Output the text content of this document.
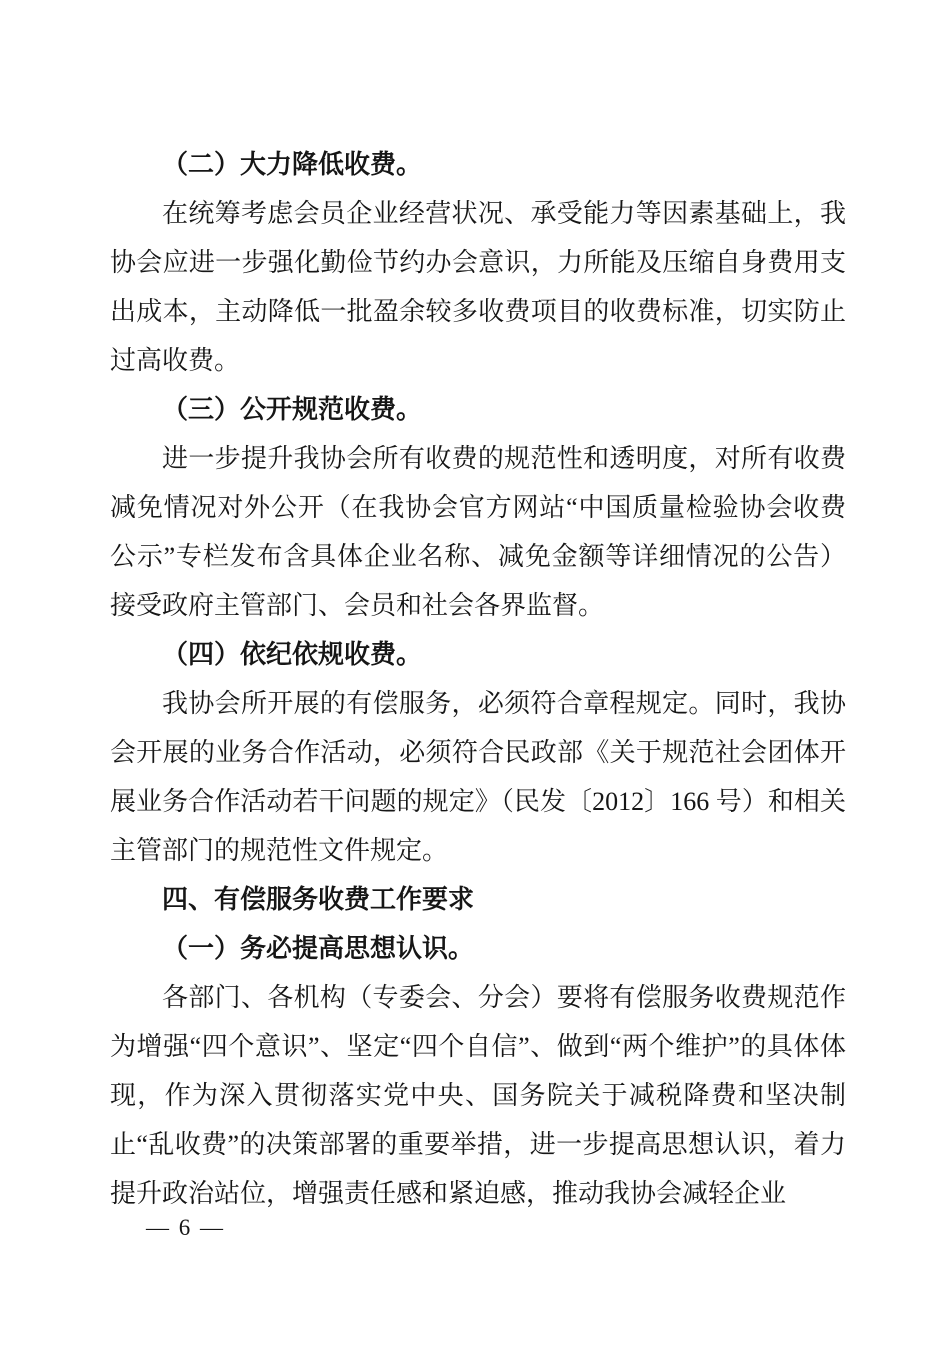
（二）大力降低收费。

在统筹考虑会员企业经营状况、承受能力等因素基础上，我协会应进一步强化勤俭节约办会意识，力所能及压缩自身费用支出成本，主动降低一批盈余较多收费项目的收费标准，切实防止过高收费。

（三）公开规范收费。

进一步提升我协会所有收费的规范性和透明度，对所有收费减免情况对外公开（在我协会官方网站“中国质量检验协会收费公示”专栏发布含具体企业名称、减免金额等详细情况的公告）接受政府主管部门、会员和社会各界监督。

（四）依纪依规收费。

我协会所开展的有偿服务，必须符合章程规定。同时，我协会开展的业务合作活动，必须符合民政部《关于规范社会团体开展业务合作活动若干问题的规定》（民发〔2012〕166 号）和相关主管部门的规范性文件规定。

四、有偿服务收费工作要求
（一）务必提高思想认识。

各部门、各机构（专委会、分会）要将有偿服务收费规范作为增强“四个意识”、坚定“四个自信”、做到“两个维护”的具体体现，作为深入贯彻落实党中央、国务院关于减税降费和坚决制止“乱收费”的决策部署的重要举措，进一步提高思想认识，着力提升政治站位，增强责任感和紧迫感，推动我协会减轻企业

— 6 —
